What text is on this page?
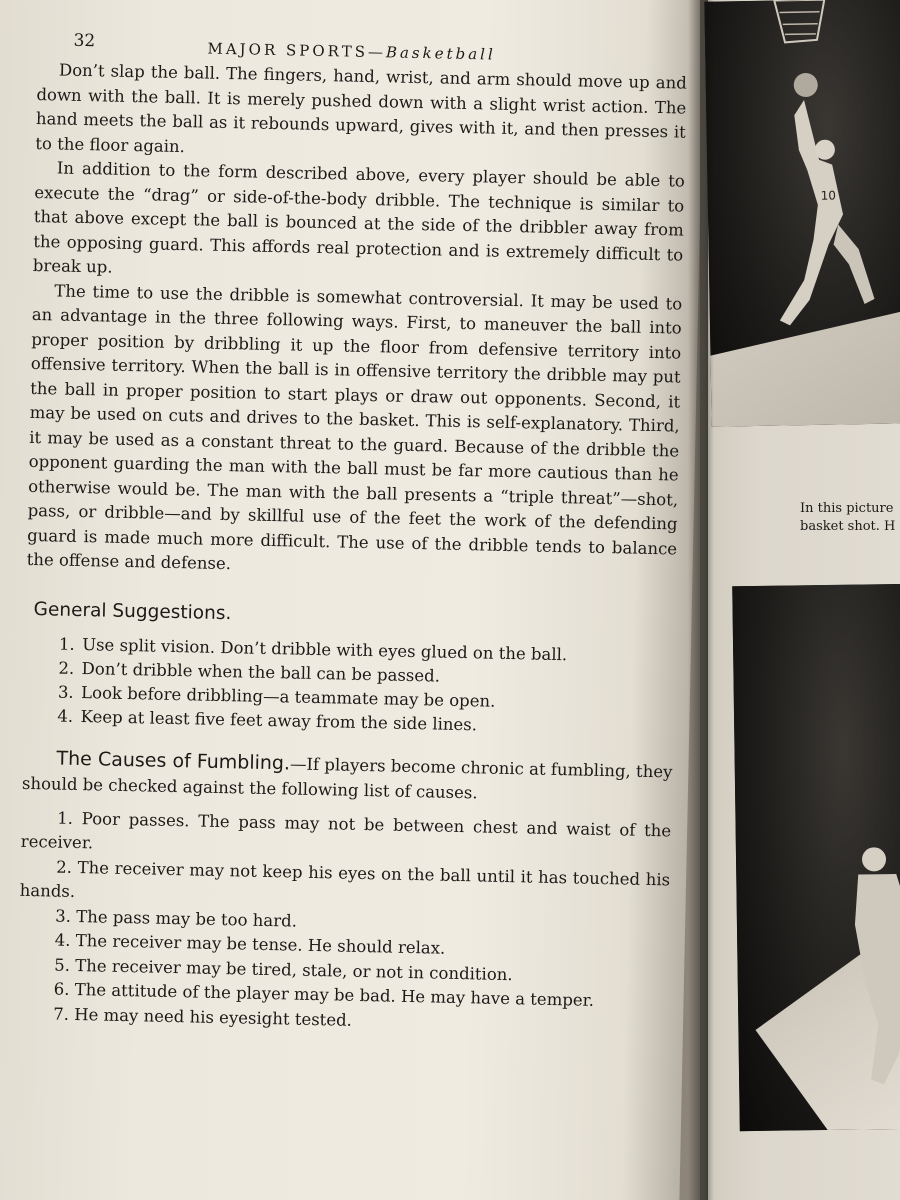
10
In this picture
basket shot. H
32	MAJOR SPORTS—Basketball

Don’t slap the ball. The fingers, hand, wrist, and arm should move up and down with the ball. It is merely pushed down with a slight wrist action. The hand meets the ball as it rebounds upward, gives with it, and then presses it to the floor again.

In addition to the form described above, every player should be able to execute the “drag” or side-of-the-body dribble. The technique is similar to that above except the ball is bounced at the side of the dribbler away from the opposing guard. This affords real protection and is extremely difficult to break up.

The time to use the dribble is somewhat controversial. It may be used to an advantage in the three following ways. First, to maneuver the ball into proper position by dribbling it up the floor from defensive territory into offensive territory. When the ball is in offensive territory the dribble may put the ball in proper position to start plays or draw out opponents. Second, it may be used on cuts and drives to the basket. This is self-explanatory. Third, it may be used as a constant threat to the guard. Because of the dribble the opponent guarding the man with the ball must be far more cautious than he otherwise would be. The man with the ball presents a “triple threat”—shot, pass, or dribble—and by skillful use of the feet the work of the defending guard is made much more difficult. The use of the dribble tends to balance the offense and defense.

General Suggestions.
1. Use split vision. Don’t dribble with eyes glued on the ball.
2. Don’t dribble when the ball can be passed.
3. Look before dribbling—a teammate may be open.
4. Keep at least five feet away from the side lines.

The Causes of Fumbling.—If players become chronic at fumbling, they should be checked against the following list of causes.

1. Poor passes. The pass may not be between chest and waist of the receiver.
2. The receiver may not keep his eyes on the ball until it has touched his hands.
3. The pass may be too hard.
4. The receiver may be tense. He should relax.
5. The receiver may be tired, stale, or not in condition.
6. The attitude of the player may be bad. He may have a temper.
7. He may need his eyesight tested.
